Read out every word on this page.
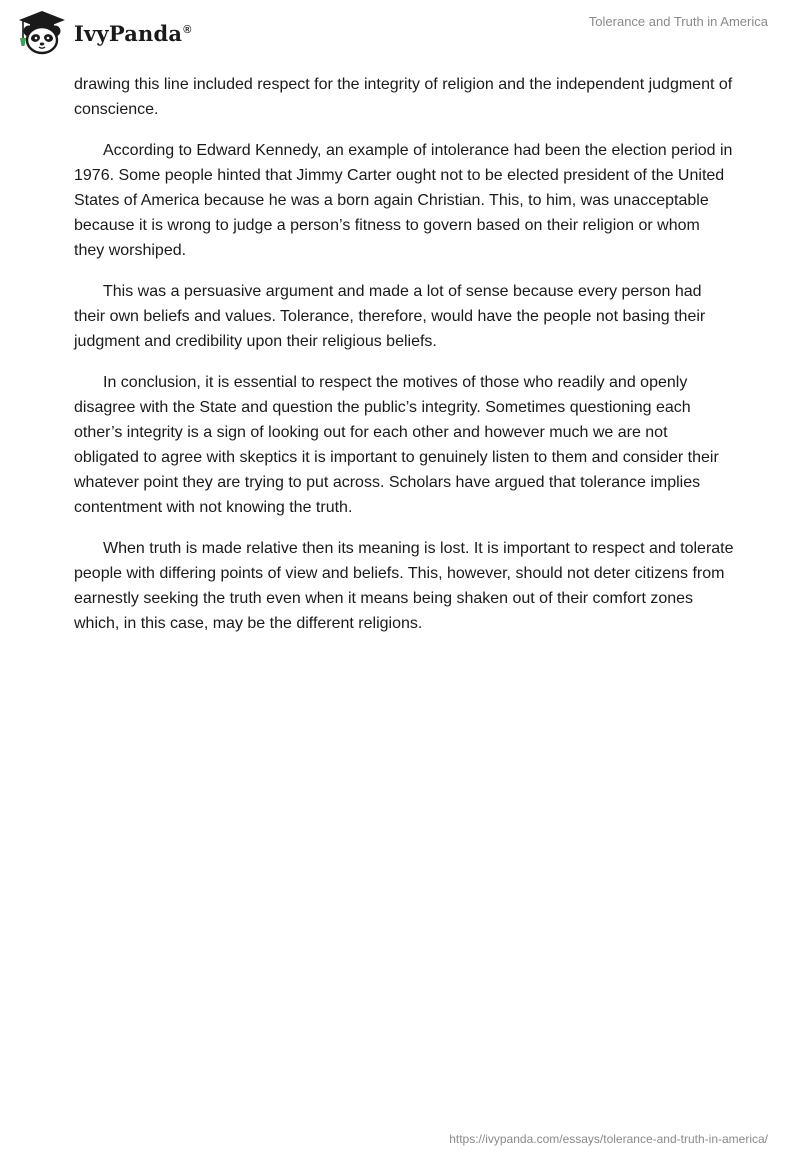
IvyPanda®
Tolerance and Truth in America

drawing this line included respect for the integrity of religion and the independent judgment of conscience.

According to Edward Kennedy, an example of intolerance had been the election period in 1976. Some people hinted that Jimmy Carter ought not to be elected president of the United States of America because he was a born again Christian. This, to him, was unacceptable because it is wrong to judge a person’s fitness to govern based on their religion or whom they worshiped.

This was a persuasive argument and made a lot of sense because every person had their own beliefs and values. Tolerance, therefore, would have the people not basing their judgment and credibility upon their religious beliefs.

In conclusion, it is essential to respect the motives of those who readily and openly disagree with the State and question the public’s integrity. Sometimes questioning each other’s integrity is a sign of looking out for each other and however much we are not obligated to agree with skeptics it is important to genuinely listen to them and consider their whatever point they are trying to put across. Scholars have argued that tolerance implies contentment with not knowing the truth.

When truth is made relative then its meaning is lost. It is important to respect and tolerate people with differing points of view and beliefs. This, however, should not deter citizens from earnestly seeking the truth even when it means being shaken out of their comfort zones which, in this case, may be the different religions.

https://ivypanda.com/essays/tolerance-and-truth-in-america/
